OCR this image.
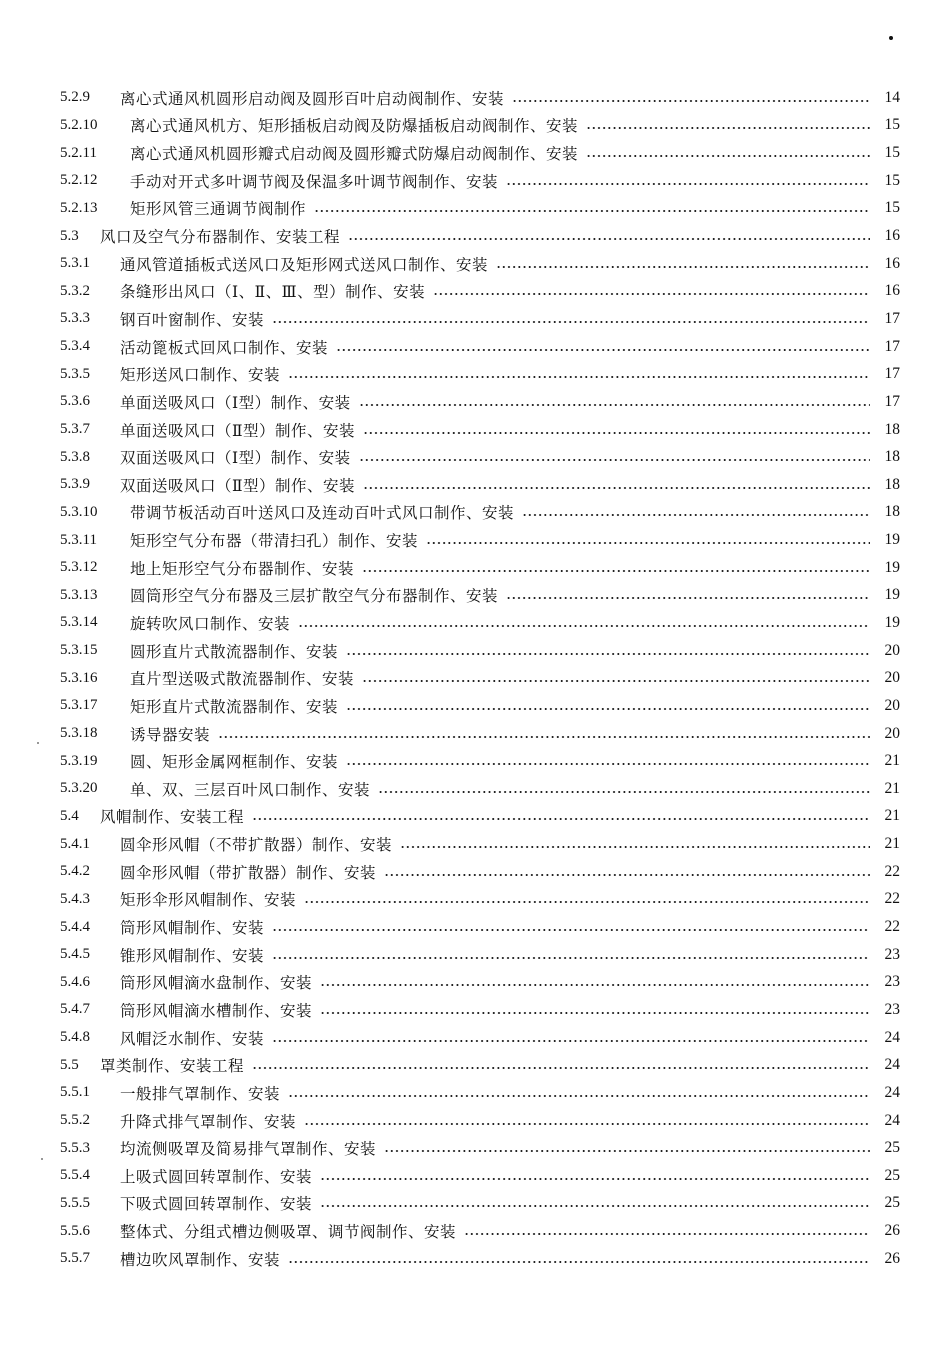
5.2.9	离心式通风机圆形启动阀及圆形百叶启动阀制作、安装	14
5.2.10	离心式通风机方、矩形插板启动阀及防爆插板启动阀制作、安装	15
5.2.11	离心式通风机圆形瓣式启动阀及圆形瓣式防爆启动阀制作、安装	15
5.2.12	手动对开式多叶调节阀及保温多叶调节阀制作、安装	15
5.2.13	矩形风管三通调节阀制作	15
5.3	风口及空气分布器制作、安装工程	16
5.3.1	通风管道插板式送风口及矩形网式送风口制作、安装	16
5.3.2	条缝形出风口（Ⅰ、Ⅱ、Ⅲ、型）制作、安装	16
5.3.3	钢百叶窗制作、安装	17
5.3.4	活动篦板式回风口制作、安装	17
5.3.5	矩形送风口制作、安装	17
5.3.6	单面送吸风口（Ⅰ型）制作、安装	17
5.3.7	单面送吸风口（Ⅱ型）制作、安装	18
5.3.8	双面送吸风口（Ⅰ型）制作、安装	18
5.3.9	双面送吸风口（Ⅱ型）制作、安装	18
5.3.10	带调节板活动百叶送风口及连动百叶式风口制作、安装	18
5.3.11	矩形空气分布器（带清扫孔）制作、安装	19
5.3.12	地上矩形空气分布器制作、安装	19
5.3.13	圆筒形空气分布器及三层扩散空气分布器制作、安装	19
5.3.14	旋转吹风口制作、安装	19
5.3.15	圆形直片式散流器制作、安装	20
5.3.16	直片型送吸式散流器制作、安装	20
5.3.17	矩形直片式散流器制作、安装	20
5.3.18	诱导器安装	20
5.3.19	圆、矩形金属网框制作、安装	21
5.3.20	单、双、三层百叶风口制作、安装	21
5.4	风帽制作、安装工程	21
5.4.1	圆伞形风帽（不带扩散器）制作、安装	21
5.4.2	圆伞形风帽（带扩散器）制作、安装	22
5.4.3	矩形伞形风帽制作、安装	22
5.4.4	筒形风帽制作、安装	22
5.4.5	锥形风帽制作、安装	23
5.4.6	筒形风帽滴水盘制作、安装	23
5.4.7	筒形风帽滴水槽制作、安装	23
5.4.8	风帽泛水制作、安装	24
5.5	罩类制作、安装工程	24
5.5.1	一般排气罩制作、安装	24
5.5.2	升降式排气罩制作、安装	24
5.5.3	均流侧吸罩及简易排气罩制作、安装	25
5.5.4	上吸式圆回转罩制作、安装	25
5.5.5	下吸式圆回转罩制作、安装	25
5.5.6	整体式、分组式槽边侧吸罩、调节阀制作、安装	26
5.5.7	槽边吹风罩制作、安装	26
